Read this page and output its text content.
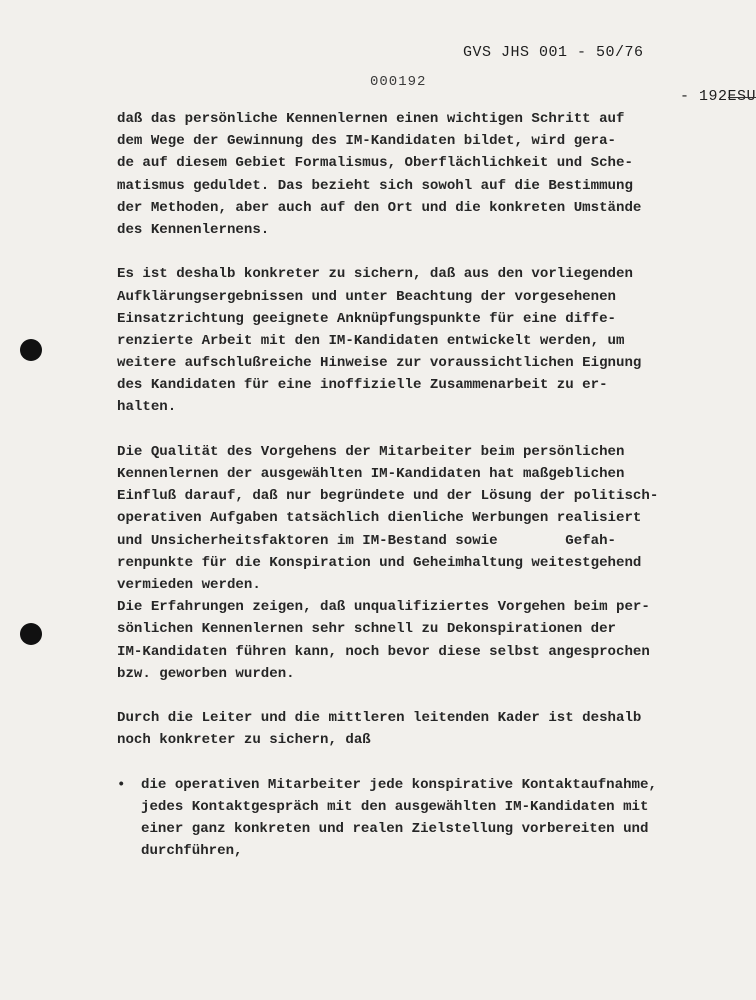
- 192ESU
GVS JHS 001 - 50/76
000192
daß das persönliche Kennenlernen einen wichtigen Schritt auf
dem Wege der Gewinnung des IM-Kandidaten bildet, wird gera-
de auf diesem Gebiet Formalismus, Oberflächlichkeit und Sche-
matismus geduldet. Das bezieht sich sowohl auf die Bestimmung
der Methoden, aber auch auf den Ort und die konkreten Umstände
des Kennenlernens.
Es ist deshalb konkreter zu sichern, daß aus den vorliegenden
Aufklärungsergebnissen und unter Beachtung der vorgesehenen
Einsatzrichtung geeignete Anknüpfungspunkte für eine diffe-
renzierte Arbeit mit den IM-Kandidaten entwickelt werden, um
weitere aufschlußreiche Hinweise zur voraussichtlichen Eignung
des Kandidaten für eine inoffizielle Zusammenarbeit zu er-
halten.
Die Qualität des Vorgehens der Mitarbeiter beim persönlichen
Kennenlernen der ausgewählten IM-Kandidaten hat maßgeblichen
Einfluß darauf, daß nur begründete und der Lösung der politisch-
operativen Aufgaben tatsächlich dienliche Werbungen realisiert
und Unsicherheitsfaktoren im IM-Bestand sowie        Gefah-
renpunkte für die Konspiration und Geheimhaltung weitestgehend
vermieden werden.
Die Erfahrungen zeigen, daß unqualifiziertes Vorgehen beim per-
sönlichen Kennenlernen sehr schnell zu Dekonspirationen der
IM-Kandidaten führen kann, noch bevor diese selbst angesprochen
bzw. geworben wurden.
Durch die Leiter und die mittleren leitenden Kader ist deshalb
noch konkreter zu sichern, daß
• die operativen Mitarbeiter jede konspirative Kontaktaufnahme,
jedes Kontaktgespräch mit den ausgewählten IM-Kandidaten mit
einer ganz konkreten und realen Zielstellung vorbereiten und
durchführen,
